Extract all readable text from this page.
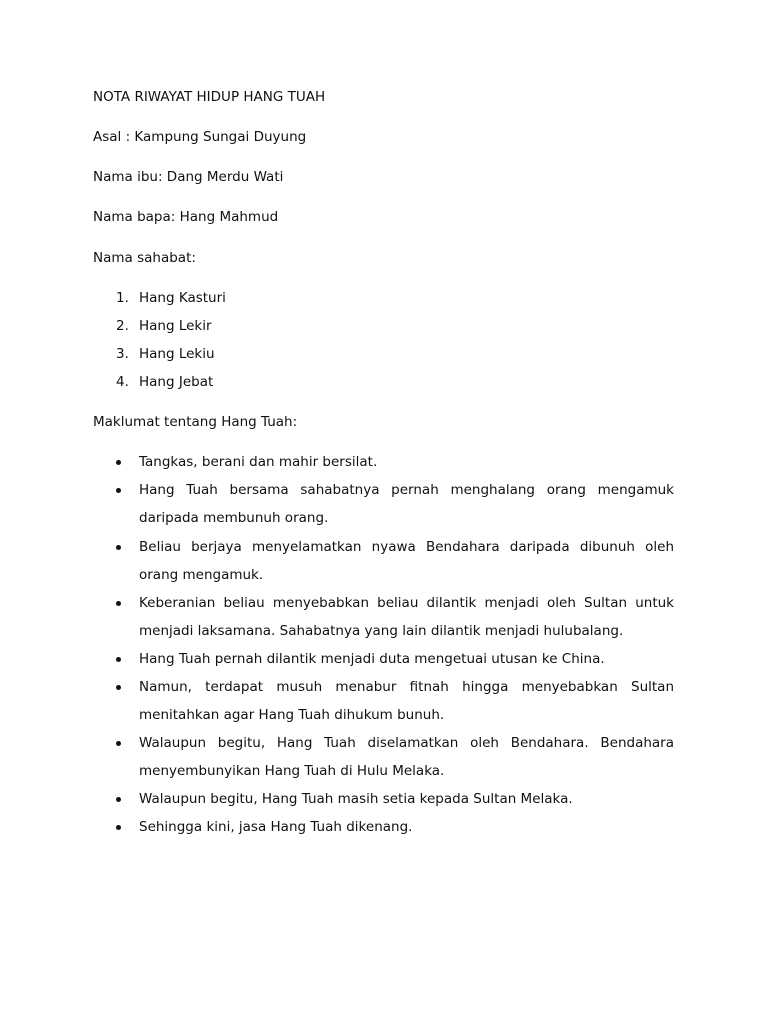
NOTA RIWAYAT HIDUP HANG TUAH
Asal : Kampung Sungai Duyung
Nama ibu: Dang Merdu Wati
Nama bapa: Hang Mahmud
Nama sahabat:
1. Hang Kasturi
2. Hang Lekir
3. Hang Lekiu
4. Hang Jebat
Maklumat tentang Hang Tuah:
Tangkas, berani dan mahir bersilat.
Hang Tuah bersama sahabatnya pernah menghalang orang mengamuk daripada membunuh orang.
Beliau berjaya menyelamatkan nyawa Bendahara daripada dibunuh oleh orang mengamuk.
Keberanian beliau menyebabkan beliau dilantik menjadi oleh Sultan untuk menjadi laksamana. Sahabatnya yang lain dilantik menjadi hulubalang.
Hang Tuah pernah dilantik menjadi duta mengetuai utusan ke China.
Namun, terdapat musuh menabur fitnah hingga menyebabkan Sultan menitahkan agar Hang Tuah dihukum bunuh.
Walaupun begitu, Hang Tuah diselamatkan oleh Bendahara. Bendahara menyembunyikan Hang Tuah di Hulu Melaka.
Walaupun begitu, Hang Tuah masih setia kepada Sultan Melaka.
Sehingga kini, jasa Hang Tuah dikenang.
